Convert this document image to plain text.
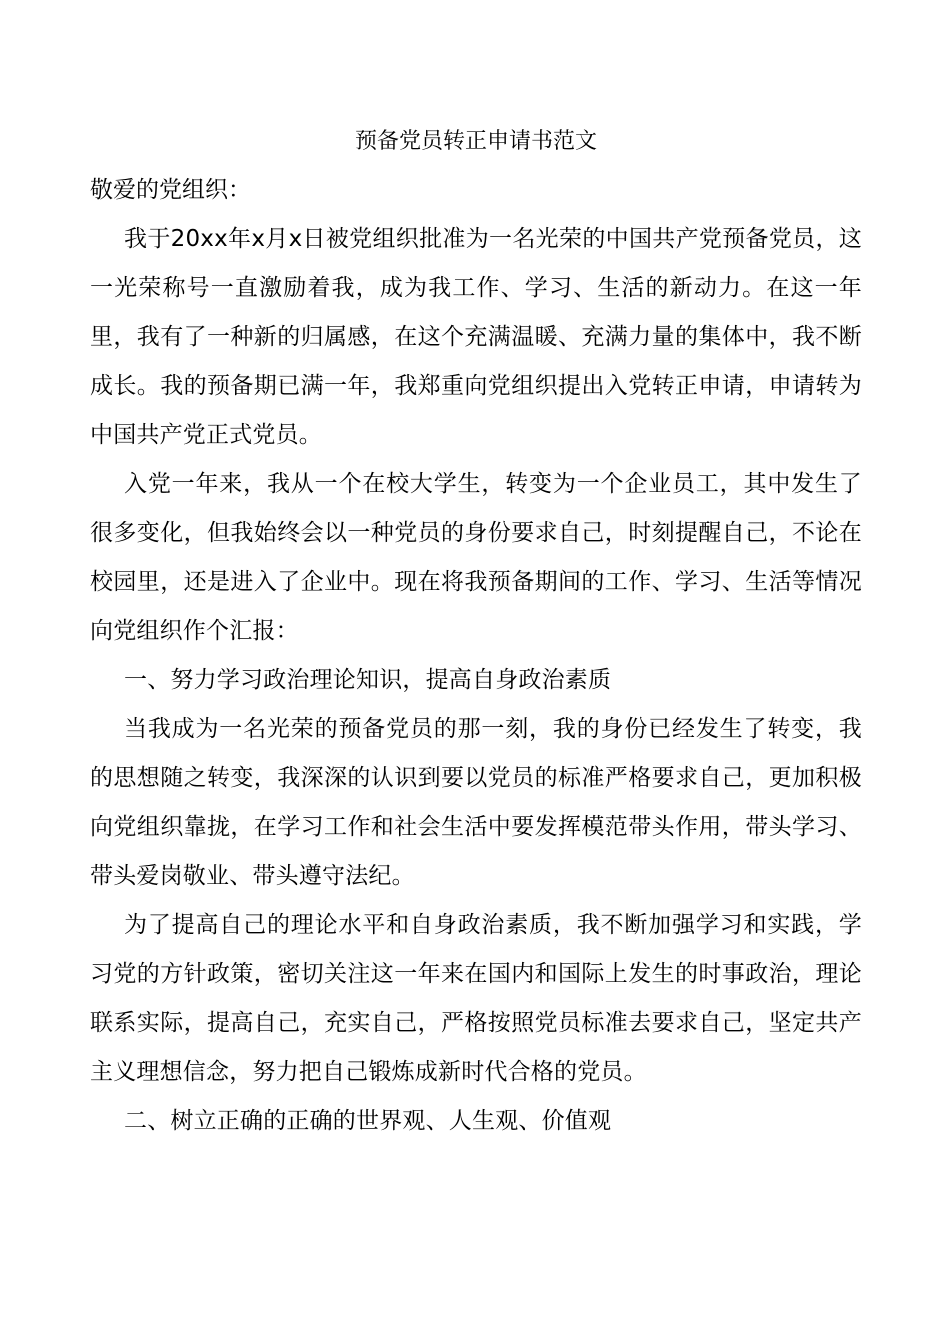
预备党员转正申请书范文

敬爱的党组织：

我于20xx年x月x日被党组织批准为一名光荣的中国共产党预备党员，这一光荣称号一直激励着我，成为我工作、学习、生活的新动力。在这一年里，我有了一种新的归属感，在这个充满温暖、充满力量的集体中，我不断成长。我的预备期已满一年，我郑重向党组织提出入党转正申请，申请转为中国共产党正式党员。

入党一年来，我从一个在校大学生，转变为一个企业员工，其中发生了很多变化，但我始终会以一种党员的身份要求自己，时刻提醒自己，不论在校园里，还是进入了企业中。现在将我预备期间的工作、学习、生活等情况向党组织作个汇报：

一、努力学习政治理论知识，提高自身政治素质

当我成为一名光荣的预备党员的那一刻，我的身份已经发生了转变，我的思想随之转变，我深深的认识到要以党员的标准严格要求自己，更加积极向党组织靠拢，在学习工作和社会生活中要发挥模范带头作用，带头学习、带头爱岗敬业、带头遵守法纪。

为了提高自己的理论水平和自身政治素质，我不断加强学习和实践，学习党的方针政策，密切关注这一年来在国内和国际上发生的时事政治，理论联系实际，提高自己，充实自己，严格按照党员标准去要求自己，坚定共产主义理想信念，努力把自己锻炼成新时代合格的党员。

二、树立正确的正确的世界观、人生观、价值观
